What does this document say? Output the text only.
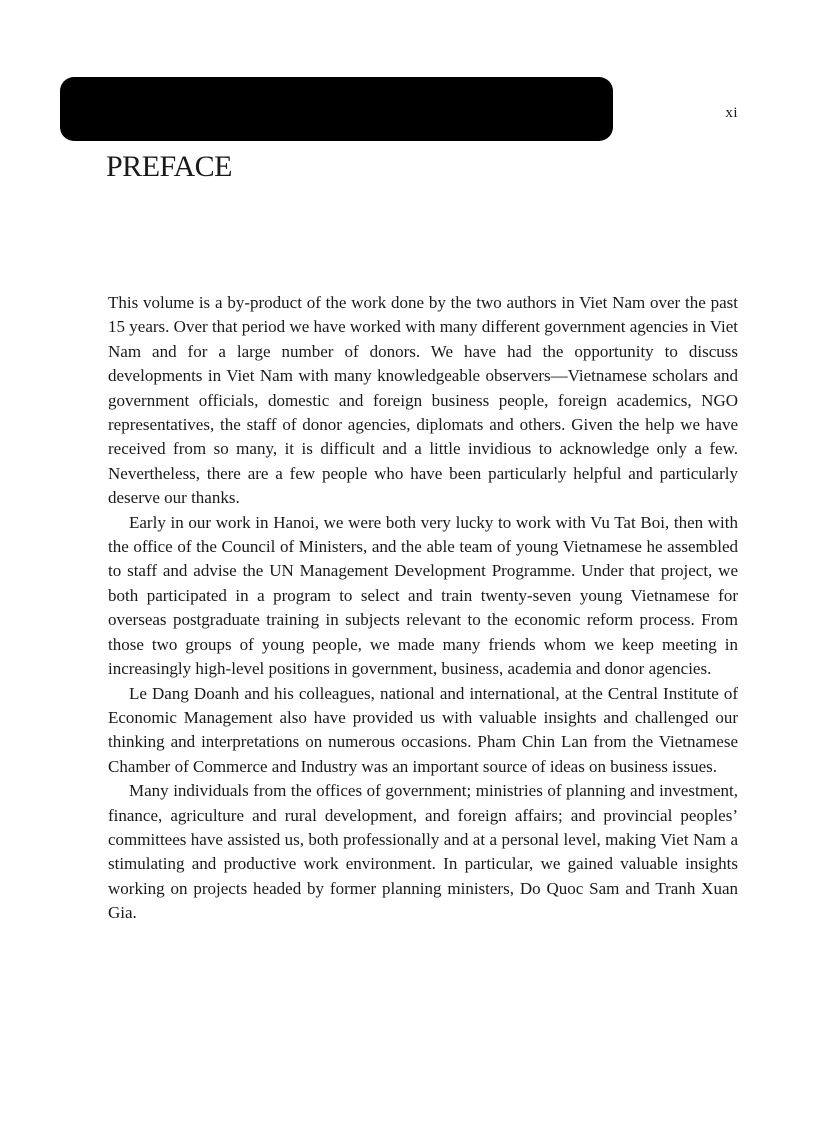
xi
PREFACE

This volume is a by-product of the work done by the two authors in Viet Nam over the past 15 years. Over that period we have worked with many different government agencies in Viet Nam and for a large number of donors. We have had the opportunity to discuss developments in Viet Nam with many knowledgeable observers—Vietnamese scholars and government officials, domestic and foreign business people, foreign academics, NGO representatives, the staff of donor agencies, diplomats and others. Given the help we have received from so many, it is difficult and a little invidious to acknowledge only a few. Nevertheless, there are a few people who have been particularly helpful and particularly deserve our thanks.

Early in our work in Hanoi, we were both very lucky to work with Vu Tat Boi, then with the office of the Council of Ministers, and the able team of young Vietnamese he assembled to staff and advise the UN Management Development Programme. Under that project, we both participated in a program to select and train twenty-seven young Vietnamese for overseas postgraduate training in subjects relevant to the economic reform process. From those two groups of young people, we made many friends whom we keep meeting in increasingly high-level positions in government, business, academia and donor agencies.

Le Dang Doanh and his colleagues, national and international, at the Central Institute of Economic Management also have provided us with valuable insights and challenged our thinking and interpretations on numerous occasions. Pham Chin Lan from the Vietnamese Chamber of Commerce and Industry was an important source of ideas on business issues.

Many individuals from the offices of government; ministries of planning and investment, finance, agriculture and rural development, and foreign affairs; and provincial peoples’ committees have assisted us, both professionally and at a personal level, making Viet Nam a stimulating and productive work environment. In particular, we gained valuable insights working on projects headed by former planning ministers, Do Quoc Sam and Tranh Xuan Gia.
